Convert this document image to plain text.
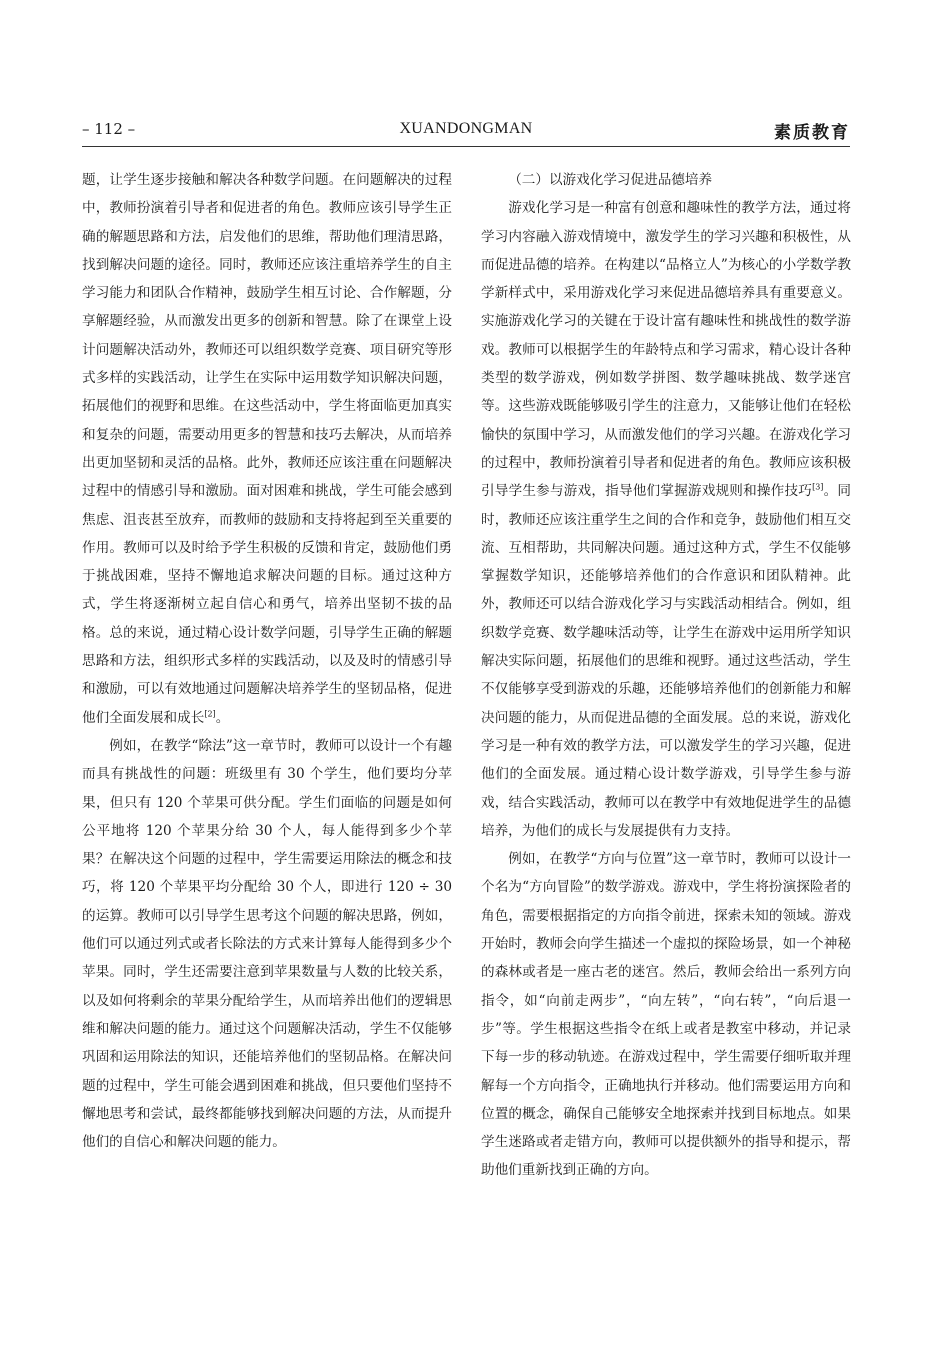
– 112 –	XUANDONGMAN	素质教育

题，让学生逐步接触和解决各种数学问题。在问题解决的过程中，教师扮演着引导者和促进者的角色。教师应该引导学生正确的解题思路和方法，启发他们的思维，帮助他们理清思路，找到解决问题的途径。同时，教师还应该注重培养学生的自主学习能力和团队合作精神，鼓励学生相互讨论、合作解题，分享解题经验，从而激发出更多的创新和智慧。除了在课堂上设计问题解决活动外，教师还可以组织数学竞赛、项目研究等形式多样的实践活动，让学生在实际中运用数学知识解决问题，拓展他们的视野和思维。在这些活动中，学生将面临更加真实和复杂的问题，需要动用更多的智慧和技巧去解决，从而培养出更加坚韧和灵活的品格。此外，教师还应该注重在问题解决过程中的情感引导和激励。面对困难和挑战，学生可能会感到焦虑、沮丧甚至放弃，而教师的鼓励和支持将起到至关重要的作用。教师可以及时给予学生积极的反馈和肯定，鼓励他们勇于挑战困难，坚持不懈地追求解决问题的目标。通过这种方式，学生将逐渐树立起自信心和勇气，培养出坚韧不拔的品格。总的来说，通过精心设计数学问题，引导学生正确的解题思路和方法，组织形式多样的实践活动，以及及时的情感引导和激励，可以有效地通过问题解决培养学生的坚韧品格，促进他们全面发展和成长[2]。

例如，在教学“除法”这一章节时，教师可以设计一个有趣而具有挑战性的问题：班级里有 30 个学生，他们要均分苹果，但只有 120 个苹果可供分配。学生们面临的问题是如何公平地将 120 个苹果分给 30 个人，每人能得到多少个苹果？在解决这个问题的过程中，学生需要运用除法的概念和技巧，将 120 个苹果平均分配给 30 个人，即进行 120 ÷ 30 的运算。教师可以引导学生思考这个问题的解决思路，例如，他们可以通过列式或者长除法的方式来计算每人能得到多少个苹果。同时，学生还需要注意到苹果数量与人数的比较关系，以及如何将剩余的苹果分配给学生，从而培养出他们的逻辑思维和解决问题的能力。通过这个问题解决活动，学生不仅能够巩固和运用除法的知识，还能培养他们的坚韧品格。在解决问题的过程中，学生可能会遇到困难和挑战，但只要他们坚持不懈地思考和尝试，最终都能够找到解决问题的方法，从而提升他们的自信心和解决问题的能力。

（二）以游戏化学习促进品德培养

游戏化学习是一种富有创意和趣味性的教学方法，通过将学习内容融入游戏情境中，激发学生的学习兴趣和积极性，从而促进品德的培养。在构建以“品格立人”为核心的小学数学教学新样式中，采用游戏化学习来促进品德培养具有重要意义。实施游戏化学习的关键在于设计富有趣味性和挑战性的数学游戏。教师可以根据学生的年龄特点和学习需求，精心设计各种类型的数学游戏，例如数学拼图、数学趣味挑战、数学迷宫等。这些游戏既能够吸引学生的注意力，又能够让他们在轻松愉快的氛围中学习，从而激发他们的学习兴趣。在游戏化学习的过程中，教师扮演着引导者和促进者的角色。教师应该积极引导学生参与游戏，指导他们掌握游戏规则和操作技巧[3]。同时，教师还应该注重学生之间的合作和竞争，鼓励他们相互交流、互相帮助，共同解决问题。通过这种方式，学生不仅能够掌握数学知识，还能够培养他们的合作意识和团队精神。此外，教师还可以结合游戏化学习与实践活动相结合。例如，组织数学竞赛、数学趣味活动等，让学生在游戏中运用所学知识解决实际问题，拓展他们的思维和视野。通过这些活动，学生不仅能够享受到游戏的乐趣，还能够培养他们的创新能力和解决问题的能力，从而促进品德的全面发展。总的来说，游戏化学习是一种有效的教学方法，可以激发学生的学习兴趣，促进他们的全面发展。通过精心设计数学游戏，引导学生参与游戏，结合实践活动，教师可以在教学中有效地促进学生的品德培养，为他们的成长与发展提供有力支持。

例如，在教学“方向与位置”这一章节时，教师可以设计一个名为“方向冒险”的数学游戏。游戏中，学生将扮演探险者的角色，需要根据指定的方向指令前进，探索未知的领域。游戏开始时，教师会向学生描述一个虚拟的探险场景，如一个神秘的森林或者是一座古老的迷宫。然后，教师会给出一系列方向指令，如“向前走两步”，“向左转”，“向右转”，“向后退一步”等。学生根据这些指令在纸上或者是教室中移动，并记录下每一步的移动轨迹。在游戏过程中，学生需要仔细听取并理解每一个方向指令，正确地执行并移动。他们需要运用方向和位置的概念，确保自己能够安全地探索并找到目标地点。如果学生迷路或者走错方向，教师可以提供额外的指导和提示，帮助他们重新找到正确的方向。
